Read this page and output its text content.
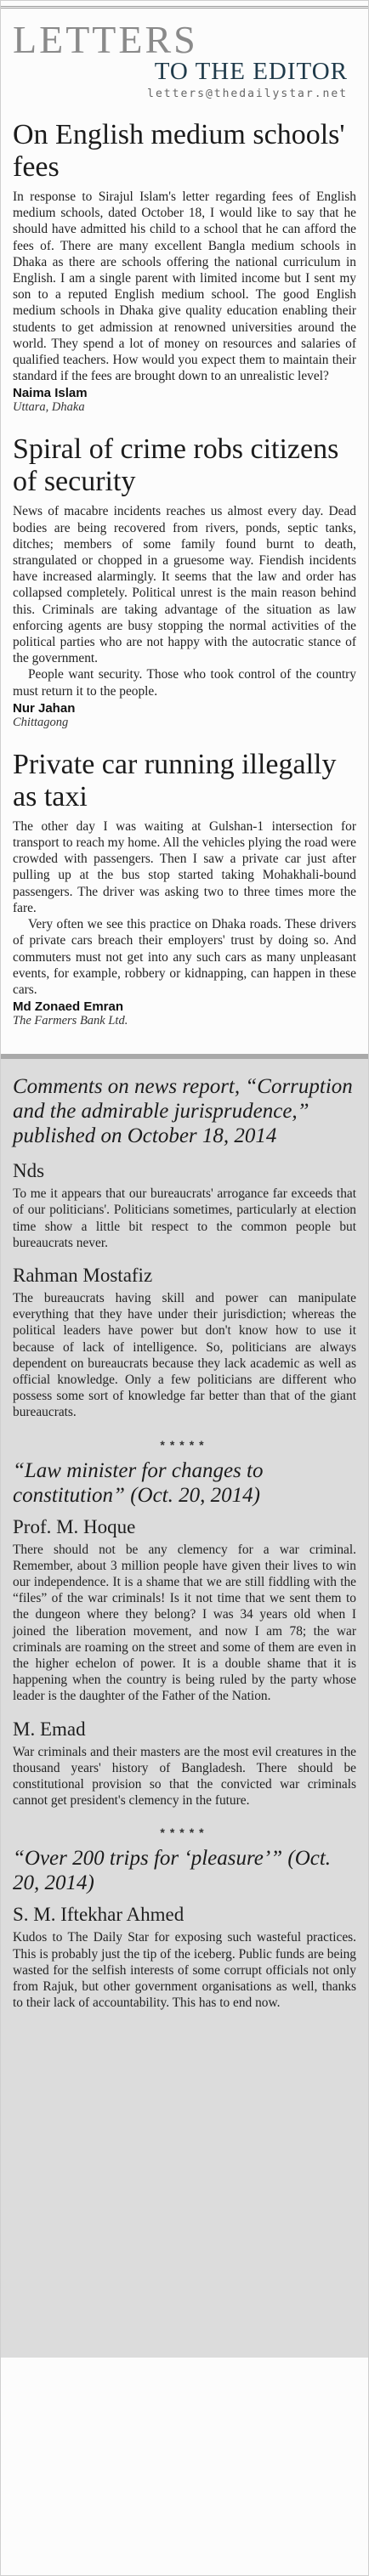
LETTERS
TO THE EDITOR
letters@thedailystar.net
On English medium schools' fees

In response to Sirajul Islam's letter regarding fees of English medium schools, dated October 18, I would like to say that he should have admitted his child to a school that he can afford the fees of. There are many excellent Bangla medium schools in Dhaka as there are schools offering the national curriculum in English. I am a single parent with limited income but I sent my son to a reputed English medium school. The good English medium schools in Dhaka give quality education enabling their students to get admission at renowned universities around the world. They spend a lot of money on resources and salaries of qualified teachers. How would you expect them to maintain their standard if the fees are brought down to an unrealistic level?

Naima Islam
Uttara, Dhaka
Spiral of crime robs citizens of security

News of macabre incidents reaches us almost every day. Dead bodies are being recovered from rivers, ponds, septic tanks, ditches; members of some family found burnt to death, strangulated or chopped in a gruesome way. Fiendish incidents have increased alarmingly. It seems that the law and order has collapsed completely. Political unrest is the main reason behind this. Criminals are taking advantage of the situation as law enforcing agents are busy stopping the normal activities of the political parties who are not happy with the autocratic stance of the government.

People want security. Those who took control of the country must return it to the people.

Nur Jahan
Chittagong
Private car running illegally as taxi

The other day I was waiting at Gulshan-1 intersection for transport to reach my home. All the vehicles plying the road were crowded with passengers. Then I saw a private car just after pulling up at the bus stop started taking Mohakhali-bound passengers. The driver was asking two to three times more the fare.

Very often we see this practice on Dhaka roads. These drivers of private cars breach their employers' trust by doing so. And commuters must not get into any such cars as many unpleasant events, for example, robbery or kidnapping, can happen in these cars.

Md Zonaed Emran
The Farmers Bank Ltd.
Comments on news report, “Corruption and the admirable jurisprudence,” published on October 18, 2014
Nds

To me it appears that our bureaucrats' arrogance far exceeds that of our politicians'. Politicians sometimes, particularly at election time show a little bit respect to the common people but bureaucrats never.

Rahman Mostafiz

The bureaucrats having skill and power can manipulate everything that they have under their jurisdiction; whereas the political leaders have power but don't know how to use it because of lack of intelligence. So, politicians are always dependent on bureaucrats because they lack academic as well as official knowledge. Only a few politicians are different who possess some sort of knowledge far better than that of the giant bureaucrats.

*****
“Law minister for changes to constitution” (Oct. 20, 2014)
Prof. M. Hoque

There should not be any clemency for a war criminal. Remember, about 3 million people have given their lives to win our independence. It is a shame that we are still fiddling with the “files” of the war criminals! Is it not time that we sent them to the dungeon where they belong? I was 34 years old when I joined the liberation movement, and now I am 78; the war criminals are roaming on the street and some of them are even in the higher echelon of power. It is a double shame that it is happening when the country is being ruled by the party whose leader is the daughter of the Father of the Nation.

M. Emad

War criminals and their masters are the most evil creatures in the thousand years' history of Bangladesh. There should be constitutional provision so that the convicted war criminals cannot get president's clemency in the future.

*****
“Over 200 trips for ‘pleasure’” (Oct. 20, 2014)
S. M. Iftekhar Ahmed

Kudos to The Daily Star for exposing such wasteful practices. This is probably just the tip of the iceberg. Public funds are being wasted for the selfish interests of some corrupt officials not only from Rajuk, but other government organisations as well, thanks to their lack of accountability. This has to end now.
